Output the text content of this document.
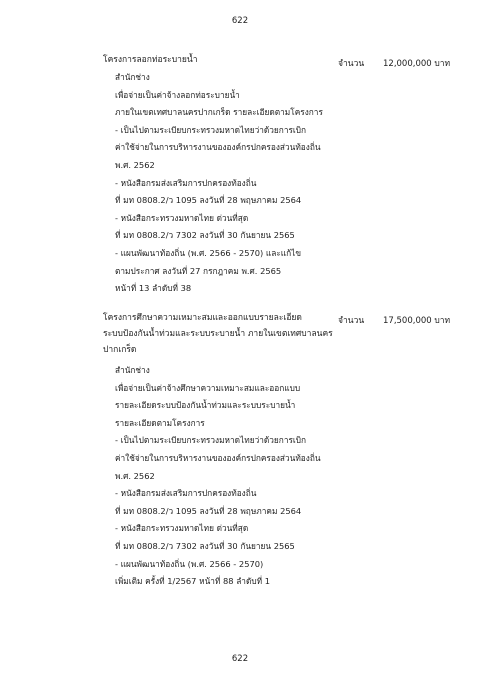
622
โครงการลอกท่อระบายน้ำ	จำนวน 12,000,000 บาท
สำนักช่าง
เพื่อจ่ายเป็นค่าจ้างลอกท่อระบายน้ำ
ภายในเขตเทศบาลนครปากเกร็ด รายละเอียดตามโครงการ
- เป็นไปตามระเบียบกระทรวงมหาดไทยว่าด้วยการเบิก
ค่าใช้จ่ายในการบริหารงานขององค์กรปกครองส่วนท้องถิ่น
พ.ศ. 2562
- หนังสือกรมส่งเสริมการปกครองท้องถิ่น
ที่ มท 0808.2/ว 1095 ลงวันที่ 28 พฤษภาคม 2564
- หนังสือกระทรวงมหาดไทย ด่วนที่สุด
ที่ มท 0808.2/ว 7302 ลงวันที่ 30 กันยายน 2565
- แผนพัฒนาท้องถิ่น (พ.ศ. 2566 - 2570) และแก้ไข
ตามประกาศ ลงวันที่ 27 กรกฎาคม พ.ศ. 2565
หน้าที่ 13 ลำดับที่ 38
โครงการศึกษาความเหมาะสมและออกแบบรายละเอียด
ระบบป้องกันน้ำท่วมและระบบระบายน้ำ ภายในเขตเทศบาลนคร
ปากเกร็ด
จำนวน 17,500,000 บาท
สำนักช่าง
เพื่อจ่ายเป็นค่าจ้างศึกษาความเหมาะสมและออกแบบ
รายละเอียดระบบป้องกันน้ำท่วมและระบบระบายน้ำ
รายละเอียดตามโครงการ
- เป็นไปตามระเบียบกระทรวงมหาดไทยว่าด้วยการเบิก
ค่าใช้จ่ายในการบริหารงานขององค์กรปกครองส่วนท้องถิ่น
พ.ศ. 2562
- หนังสือกรมส่งเสริมการปกครองท้องถิ่น
ที่ มท 0808.2/ว 1095 ลงวันที่ 28 พฤษภาคม 2564
- หนังสือกระทรวงมหาดไทย ด่วนที่สุด
ที่ มท 0808.2/ว 7302 ลงวันที่ 30 กันยายน 2565
- แผนพัฒนาท้องถิ่น (พ.ศ. 2566 - 2570)
เพิ่มเติม ครั้งที่ 1/2567 หน้าที่ 88 ลำดับที่ 1
622
